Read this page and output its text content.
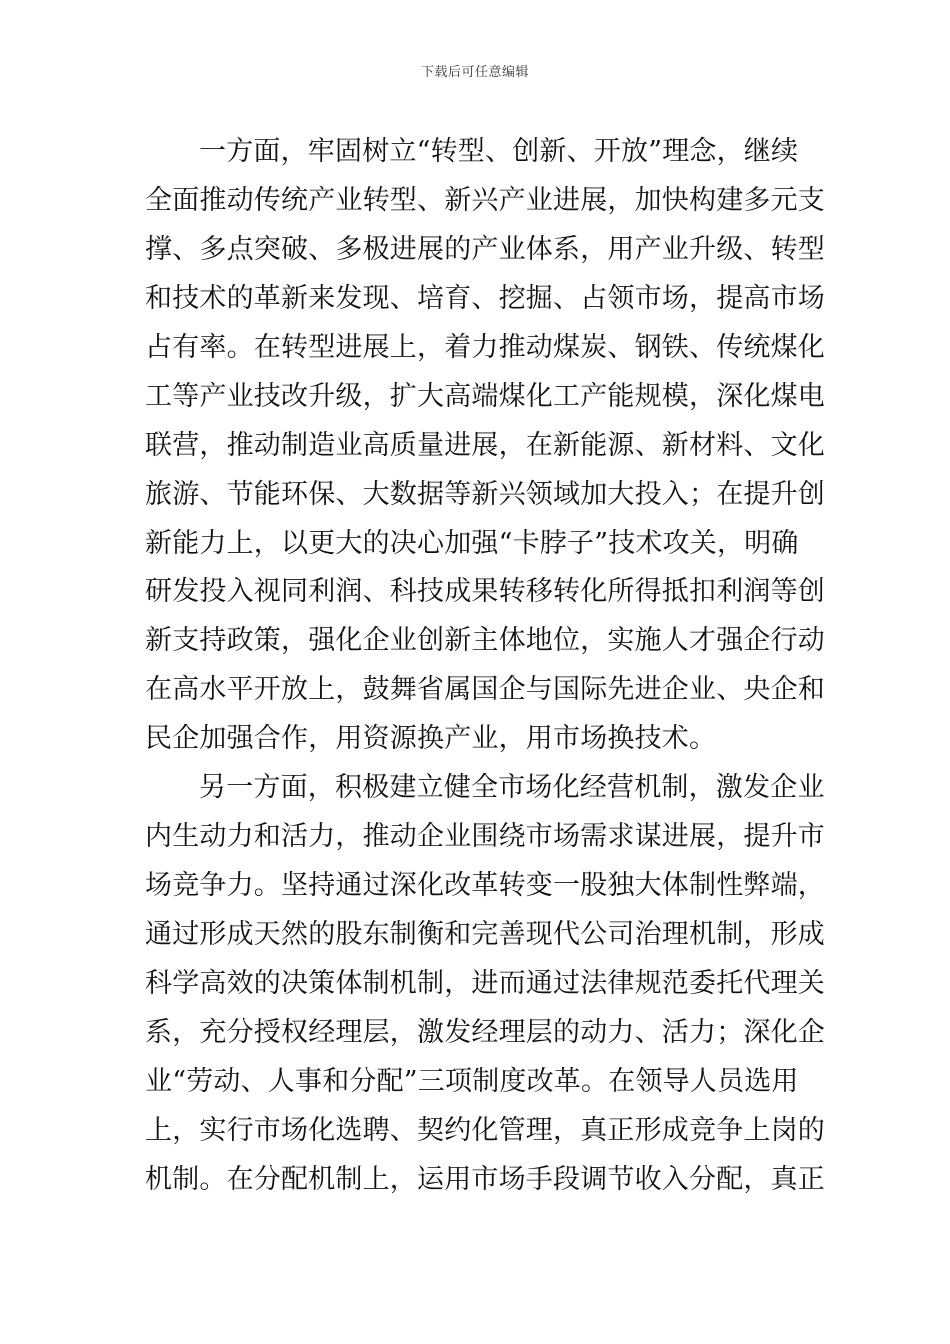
下载后可任意编辑
一方面，牢固树立“转型、创新、开放”理念，继续
全面推动传统产业转型、新兴产业进展，加快构建多元支
撑、多点突破、多极进展的产业体系，用产业升级、转型
和技术的革新来发现、培育、挖掘、占领市场，提高市场
占有率。在转型进展上，着力推动煤炭、钢铁、传统煤化
工等产业技改升级，扩大高端煤化工产能规模，深化煤电
联营，推动制造业高质量进展，在新能源、新材料、文化
旅游、节能环保、大数据等新兴领域加大投入；在提升创
新能力上，以更大的决心加强“卡脖子”技术攻关，明确
研发投入视同利润、科技成果转移转化所得抵扣利润等创
新支持政策，强化企业创新主体地位，实施人才强企行动
在高水平开放上，鼓舞省属国企与国际先进企业、央企和
民企加强合作，用资源换产业，用市场换技术。
另一方面，积极建立健全市场化经营机制，激发企业
内生动力和活力，推动企业围绕市场需求谋进展，提升市
场竞争力。坚持通过深化改革转变一股独大体制性弊端，
通过形成天然的股东制衡和完善现代公司治理机制，形成
科学高效的决策体制机制，进而通过法律规范委托代理关
系，充分授权经理层，激发经理层的动力、活力；深化企
业“劳动、人事和分配”三项制度改革。在领导人员选用
上，实行市场化选聘、契约化管理，真正形成竞争上岗的
机制。在分配机制上，运用市场手段调节收入分配，真正
